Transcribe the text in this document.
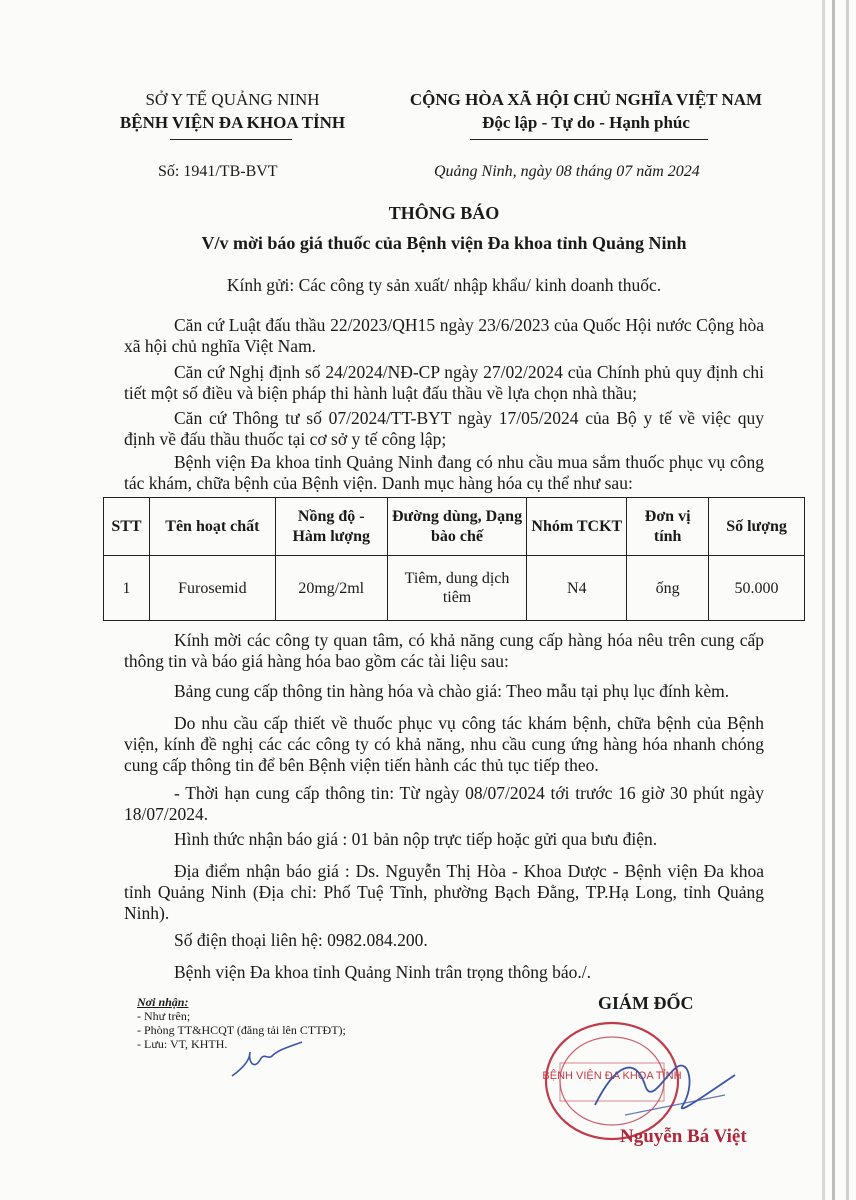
SỞ Y TẾ QUẢNG NINH
BỆNH VIỆN ĐA KHOA TỈNH
CỘNG HÒA XÃ HỘI CHỦ NGHĨA VIỆT NAM
Độc lập - Tự do - Hạnh phúc
Số: 1941/TB-BVT	Quảng Ninh, ngày 08 tháng 07 năm 2024
THÔNG BÁO
V/v mời báo giá thuốc của Bệnh viện Đa khoa tỉnh Quảng Ninh
Kính gửi: Các công ty sản xuất/ nhập khẩu/ kinh doanh thuốc.
Căn cứ Luật đấu thầu 22/2023/QH15 ngày 23/6/2023 của Quốc Hội nước Cộng hòa xã hội chủ nghĩa Việt Nam.
Căn cứ Nghị định số 24/2024/NĐ-CP ngày 27/02/2024 của Chính phủ quy định chi tiết một số điều và biện pháp thi hành luật đấu thầu về lựa chọn nhà thầu;
Căn cứ Thông tư số 07/2024/TT-BYT ngày 17/05/2024 của Bộ y tế về việc quy định về đấu thầu thuốc tại cơ sở y tế công lập;
Bệnh viện Đa khoa tỉnh Quảng Ninh đang có nhu cầu mua sắm thuốc phục vụ công tác khám, chữa bệnh của Bệnh viện. Danh mục hàng hóa cụ thể như sau:
STT	Tên hoạt chất	Nồng độ - Hàm lượng	Đường dùng, Dạng bào chế	Nhóm TCKT	Đơn vị tính	Số lượng
1	Furosemid	20mg/2ml	Tiêm, dung dịch tiêm	N4	ống	50.000
Kính mời các công ty quan tâm, có khả năng cung cấp hàng hóa nêu trên cung cấp thông tin và báo giá hàng hóa bao gồm các tài liệu sau:
Bảng cung cấp thông tin hàng hóa và chào giá: Theo mẫu tại phụ lục đính kèm.
Do nhu cầu cấp thiết về thuốc phục vụ công tác khám bệnh, chữa bệnh của Bệnh viện, kính đề nghị các các công ty có khả năng, nhu cầu cung ứng hàng hóa nhanh chóng cung cấp thông tin để bên Bệnh viện tiến hành các thủ tục tiếp theo.
- Thời hạn cung cấp thông tin: Từ ngày 08/07/2024 tới trước 16 giờ 30 phút ngày 18/07/2024.
Hình thức nhận báo giá : 01 bản nộp trực tiếp hoặc gửi qua bưu điện.
Địa điểm nhận báo giá : Ds. Nguyễn Thị Hòa - Khoa Dược - Bệnh viện Đa khoa tỉnh Quảng Ninh (Địa chỉ: Phố Tuệ Tĩnh, phường Bạch Đằng, TP.Hạ Long, tỉnh Quảng Ninh).
Số điện thoại liên hệ: 0982.084.200.
Bệnh viện Đa khoa tỉnh Quảng Ninh trân trọng thông báo./.
Nơi nhận:
- Như trên;
- Phòng TT&HCQT (đăng tải lên CTTĐT);
- Lưu: VT, KHTH.
GIÁM ĐỐC
BỆNH VIỆN ĐA KHOA TỈNH
Nguyễn Bá Việt
